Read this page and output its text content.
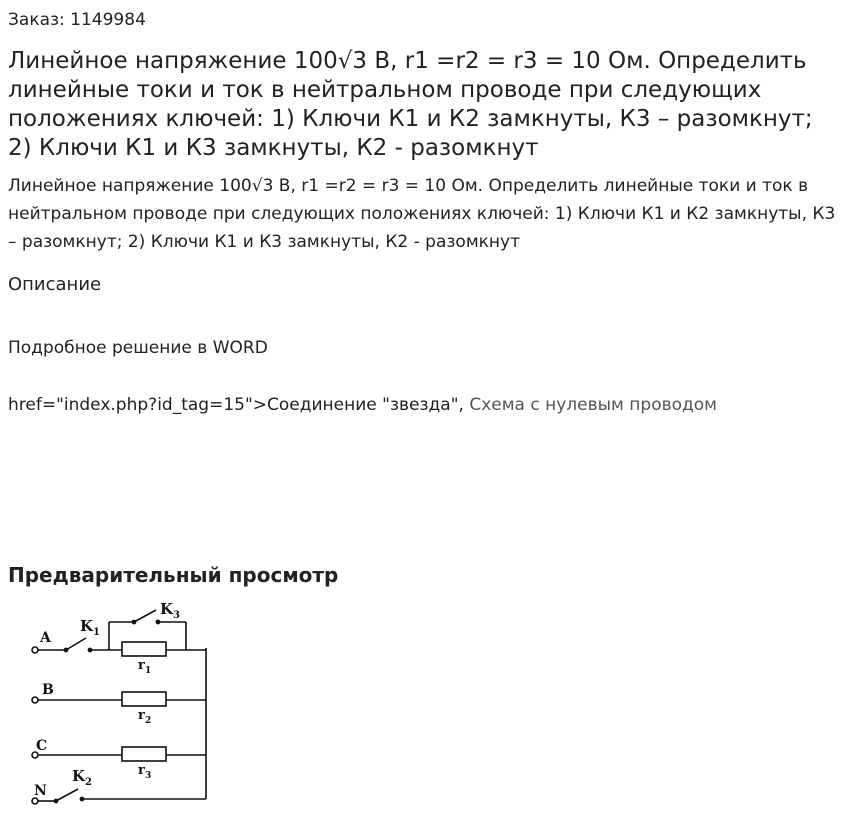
Заказ: 1149984
Линейное напряжение 100√3 В, r1 =r2 = r3 = 10 Ом. Определить линейные токи и ток в нейтральном проводе при следующих положениях ключей: 1) Ключи К1 и К2 замкнуты, К3 – разомкнут; 2) Ключи К1 и К3 замкнуты, К2 - разомкнут
Линейное напряжение 100√3 В, r1 =r2 = r3 = 10 Ом. Определить линейные токи и ток в нейтральном проводе при следующих положениях ключей: 1) Ключи К1 и К2 замкнуты, К3 – разомкнут; 2) Ключи К1 и К3 замкнуты, К2 - разомкнут
Описание
Подробное решение в WORD
href="index.php?id_tag=15">Соединение "звезда", Схема с нулевым проводом
Предварительный просмотр
A
B
C
N
K 1
K 3
K 2
r 1
r 2
r 3
